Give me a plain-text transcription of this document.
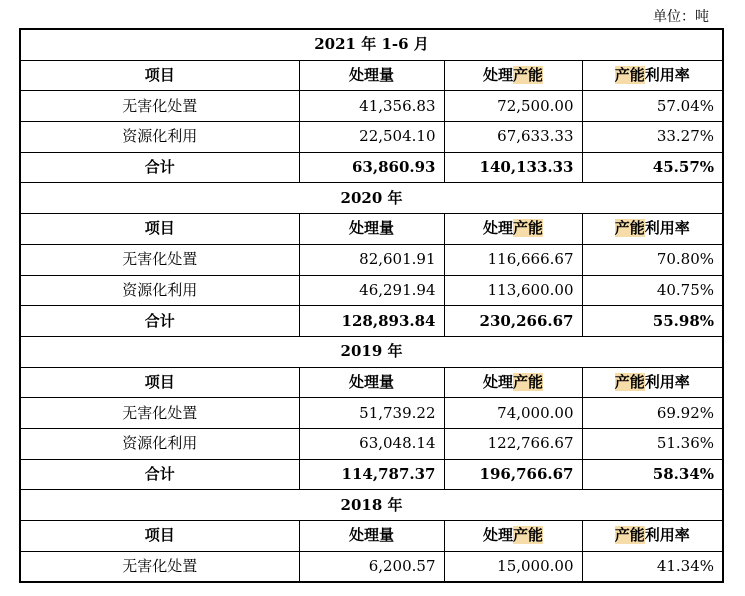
单位：吨
2021 年 1-6 月			
项目	处理量	处理产能	产能利用率
无害化处置	41,356.83	72,500.00	57.04%
资源化利用	22,504.10	67,633.33	33.27%
合计	63,860.93	140,133.33	45.57%
2020 年			
项目	处理量	处理产能	产能利用率
无害化处置	82,601.91	116,666.67	70.80%
资源化利用	46,291.94	113,600.00	40.75%
合计	128,893.84	230,266.67	55.98%
2019 年			
项目	处理量	处理产能	产能利用率
无害化处置	51,739.22	74,000.00	69.92%
资源化利用	63,048.14	122,766.67	51.36%
合计	114,787.37	196,766.67	58.34%
2018 年			
项目	处理量	处理产能	产能利用率
无害化处置	6,200.57	15,000.00	41.34%
